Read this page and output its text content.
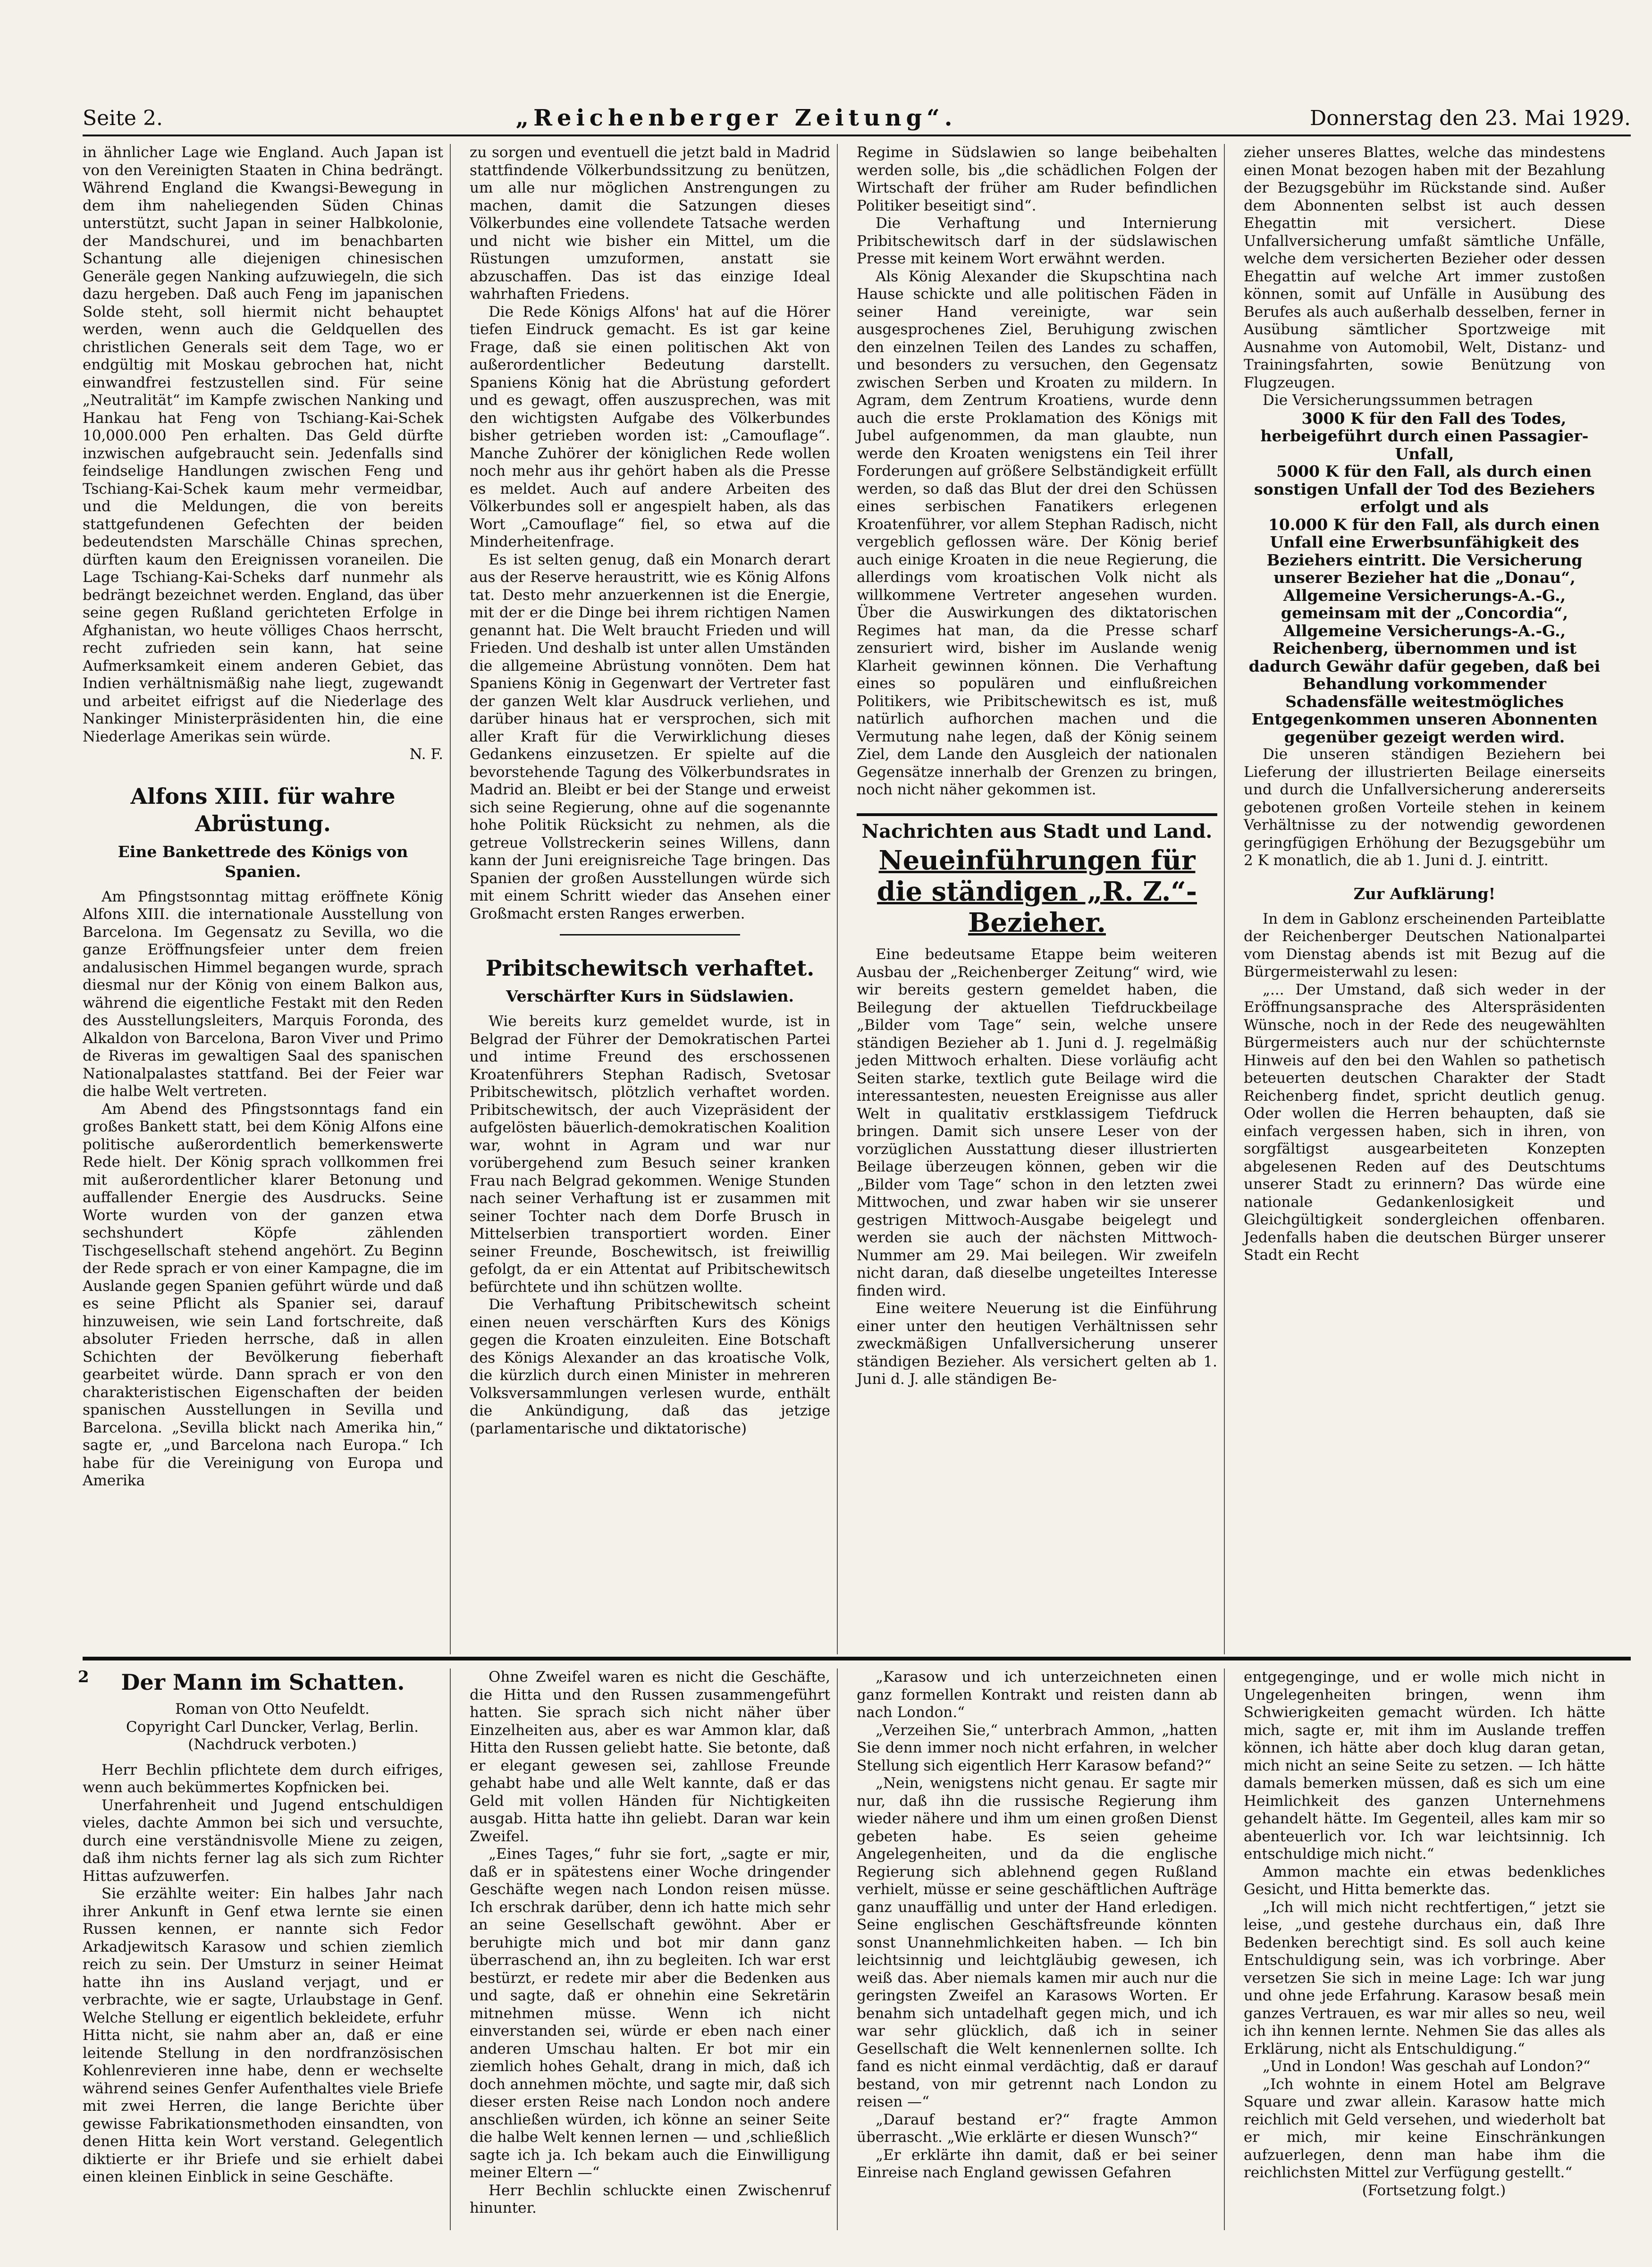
Seite 2.	„Reichenberger Zeitung“.	Donnerstag den 23. Mai 1929.

in ähnlicher Lage wie England. Auch Japan ist von den Vereinigten Staaten in China bedrängt. Während England die Kwangsi-Bewegung in dem ihm naheliegenden Süden Chinas unterstützt, sucht Japan in seiner Halbkolonie, der Mandschurei, und im benachbarten Schantung alle diejenigen chinesischen Generäle gegen Nanking aufzuwiegeln, die sich dazu hergeben. Daß auch Feng im japanischen Solde steht, soll hiermit nicht behauptet werden, wenn auch die Geldquellen des christlichen Generals seit dem Tage, wo er endgültig mit Moskau gebrochen hat, nicht einwandfrei festzustellen sind. Für seine „Neutralität“ im Kampfe zwischen Nanking und Hankau hat Feng von Tschiang-Kai-Schek 10,000.000 Pen erhalten. Das Geld dürfte inzwischen aufgebraucht sein. Jedenfalls sind feindselige Handlungen zwischen Feng und Tschiang-Kai-Schek kaum mehr vermeidbar, und die Meldungen, die von bereits stattgefundenen Gefechten der beiden bedeutendsten Marschälle Chinas sprechen, dürften kaum den Ereignissen voraneilen. Die Lage Tschiang-Kai-Scheks darf nunmehr als bedrängt bezeichnet werden. England, das über seine gegen Rußland gerichteten Erfolge in Afghanistan, wo heute völliges Chaos herrscht, recht zufrieden sein kann, hat seine Aufmerksamkeit einem anderen Gebiet, das Indien verhältnismäßig nahe liegt, zugewandt und arbeitet eifrigst auf die Niederlage des Nankinger Ministerpräsidenten hin, die eine Niederlage Amerikas sein würde.

N. F.

Alfons XIII. für wahre Abrüstung.
Eine Bankettrede des Königs von Spanien.

Am Pfingstsonntag mittag eröffnete König Alfons XIII. die internationale Ausstellung von Barcelona. Im Gegensatz zu Sevilla, wo die ganze Eröffnungsfeier unter dem freien andalusischen Himmel begangen wurde, sprach diesmal nur der König von einem Balkon aus, während die eigentliche Festakt mit den Reden des Ausstellungsleiters, Marquis Foronda, des Alkaldon von Barcelona, Baron Viver und Primo de Riveras im gewaltigen Saal des spanischen Nationalpalastes stattfand. Bei der Feier war die halbe Welt vertreten.

Am Abend des Pfingstsonntags fand ein großes Bankett statt, bei dem König Alfons eine politische außerordentlich bemerkenswerte Rede hielt. Der König sprach vollkommen frei mit außerordentlicher klarer Betonung und auffallender Energie des Ausdrucks. Seine Worte wurden von der ganzen etwa sechshundert Köpfe zählenden Tischgesellschaft stehend angehört. Zu Beginn der Rede sprach er von einer Kampagne, die im Auslande gegen Spanien geführt würde und daß es seine Pflicht als Spanier sei, darauf hinzuweisen, wie sein Land fortschreite, daß absoluter Frieden herrsche, daß in allen Schichten der Bevölkerung fieberhaft gearbeitet würde. Dann sprach er von den charakteristischen Eigenschaften der beiden spanischen Ausstellungen in Sevilla und Barcelona. „Sevilla blickt nach Amerika hin,“ sagte er, „und Barcelona nach Europa.“ Ich habe für die Vereinigung von Europa und Amerika

zu sorgen und eventuell die jetzt bald in Madrid stattfindende Völkerbundssitzung zu benützen, um alle nur möglichen Anstrengungen zu machen, damit die Satzungen dieses Völkerbundes eine vollendete Tatsache werden und nicht wie bisher ein Mittel, um die Rüstungen umzuformen, anstatt sie abzuschaffen. Das ist das einzige Ideal wahrhaften Friedens.

Die Rede Königs Alfons' hat auf die Hörer tiefen Eindruck gemacht. Es ist gar keine Frage, daß sie einen politischen Akt von außerordentlicher Bedeutung darstellt. Spaniens König hat die Abrüstung gefordert und es gewagt, offen auszusprechen, was mit den wichtigsten Aufgabe des Völkerbundes bisher getrieben worden ist: „Camouflage“. Manche Zuhörer der königlichen Rede wollen noch mehr aus ihr gehört haben als die Presse es meldet. Auch auf andere Arbeiten des Völkerbundes soll er angespielt haben, als das Wort „Camouflage“ fiel, so etwa auf die Minderheitenfrage.

Es ist selten genug, daß ein Monarch derart aus der Reserve heraustritt, wie es König Alfons tat. Desto mehr anzuerkennen ist die Energie, mit der er die Dinge bei ihrem richtigen Namen genannt hat. Die Welt braucht Frieden und will Frieden. Und deshalb ist unter allen Umständen die allgemeine Abrüstung vonnöten. Dem hat Spaniens König in Gegenwart der Vertreter fast der ganzen Welt klar Ausdruck verliehen, und darüber hinaus hat er versprochen, sich mit aller Kraft für die Verwirklichung dieses Gedankens einzusetzen. Er spielte auf die bevorstehende Tagung des Völkerbundsrates in Madrid an. Bleibt er bei der Stange und erweist sich seine Regierung, ohne auf die sogenannte hohe Politik Rücksicht zu nehmen, als die getreue Vollstreckerin seines Willens, dann kann der Juni ereignisreiche Tage bringen. Das Spanien der großen Ausstellungen würde sich mit einem Schritt wieder das Ansehen einer Großmacht ersten Ranges erwerben.

Pribitschewitsch verhaftet.
Verschärfter Kurs in Südslawien.

Wie bereits kurz gemeldet wurde, ist in Belgrad der Führer der Demokratischen Partei und intime Freund des erschossenen Kroatenführers Stephan Radisch, Svetosar Pribitschewitsch, plötzlich verhaftet worden. Pribitschewitsch, der auch Vizepräsident der aufgelösten bäuerlich-demokratischen Koalition war, wohnt in Agram und war nur vorübergehend zum Besuch seiner kranken Frau nach Belgrad gekommen. Wenige Stunden nach seiner Verhaftung ist er zusammen mit seiner Tochter nach dem Dorfe Brusch in Mittelserbien transportiert worden. Einer seiner Freunde, Boschewitsch, ist freiwillig gefolgt, da er ein Attentat auf Pribitschewitsch befürchtete und ihn schützen wollte.

Die Verhaftung Pribitschewitsch scheint einen neuen verschärften Kurs des Königs gegen die Kroaten einzuleiten. Eine Botschaft des Königs Alexander an das kroatische Volk, die kürzlich durch einen Minister in mehreren Volksversammlungen verlesen wurde, enthält die Ankündigung, daß das jetzige (parlamentarische und diktatorische)

Regime in Südslawien so lange beibehalten werden solle, bis „die schädlichen Folgen der Wirtschaft der früher am Ruder befindlichen Politiker beseitigt sind“.

Die Verhaftung und Internierung Pribitschewitsch darf in der südslawischen Presse mit keinem Wort erwähnt werden.

Als König Alexander die Skupschtina nach Hause schickte und alle politischen Fäden in seiner Hand vereinigte, war sein ausgesprochenes Ziel, Beruhigung zwischen den einzelnen Teilen des Landes zu schaffen, und besonders zu versuchen, den Gegensatz zwischen Serben und Kroaten zu mildern. In Agram, dem Zentrum Kroatiens, wurde denn auch die erste Proklamation des Königs mit Jubel aufgenommen, da man glaubte, nun werde den Kroaten wenigstens ein Teil ihrer Forderungen auf größere Selbständigkeit erfüllt werden, so daß das Blut der drei den Schüssen eines serbischen Fanatikers erlegenen Kroatenführer, vor allem Stephan Radisch, nicht vergeblich geflossen wäre. Der König berief auch einige Kroaten in die neue Regierung, die allerdings vom kroatischen Volk nicht als willkommene Vertreter angesehen wurden. Über die Auswirkungen des diktatorischen Regimes hat man, da die Presse scharf zensuriert wird, bisher im Auslande wenig Klarheit gewinnen können. Die Verhaftung eines so populären und einflußreichen Politikers, wie Pribitschewitsch es ist, muß natürlich aufhorchen machen und die Vermutung nahe legen, daß der König seinem Ziel, dem Lande den Ausgleich der nationalen Gegensätze innerhalb der Grenzen zu bringen, noch nicht näher gekommen ist.

Nachrichten aus Stadt und Land.
Neueinführungen für die ständigen „R. Z.“-Bezieher.

Eine bedeutsame Etappe beim weiteren Ausbau der „Reichenberger Zeitung“ wird, wie wir bereits gestern gemeldet haben, die Beilegung der aktuellen Tiefdruckbeilage „Bilder vom Tage“ sein, welche unsere ständigen Bezieher ab 1. Juni d. J. regelmäßig jeden Mittwoch erhalten. Diese vorläufig acht Seiten starke, textlich gute Beilage wird die interessantesten, neuesten Ereignisse aus aller Welt in qualitativ erstklassigem Tiefdruck bringen. Damit sich unsere Leser von der vorzüglichen Ausstattung dieser illustrierten Beilage überzeugen können, geben wir die „Bilder vom Tage“ schon in den letzten zwei Mittwochen, und zwar haben wir sie unserer gestrigen Mittwoch-Ausgabe beigelegt und werden sie auch der nächsten Mittwoch-Nummer am 29. Mai beilegen. Wir zweifeln nicht daran, daß dieselbe ungeteiltes Interesse finden wird.

Eine weitere Neuerung ist die Einführung einer unter den heutigen Verhältnissen sehr zweckmäßigen Unfallversicherung unserer ständigen Bezieher. Als versichert gelten ab 1. Juni d. J. alle ständigen Be-

zieher unseres Blattes, welche das mindestens einen Monat bezogen haben mit der Bezahlung der Bezugsgebühr im Rückstande sind. Außer dem Abonnenten selbst ist auch dessen Ehegattin mit versichert. Diese Unfallversicherung umfaßt sämtliche Unfälle, welche dem versicherten Bezieher oder dessen Ehegattin auf welche Art immer zustoßen können, somit auf Unfälle in Ausübung des Berufes als auch außerhalb desselben, ferner in Ausübung sämtlicher Sportzweige mit Ausnahme von Automobil, Welt, Distanz- und Trainingsfahrten, sowie Benützung von Flugzeugen.

Die Versicherungssummen betragen

3000 K für den Fall des Todes, herbeigeführt durch einen Passagier-Unfall,

5000 K für den Fall, als durch einen sonstigen Unfall der Tod des Beziehers erfolgt und als

10.000 K für den Fall, als durch einen Unfall eine Erwerbsunfähigkeit des Beziehers eintritt. Die Versicherung unserer Bezieher hat die „Donau“, Allgemeine Versicherungs-A.-G., gemeinsam mit der „Concordia“, Allgemeine Versicherungs-A.-G., Reichenberg, übernommen und ist dadurch Gewähr dafür gegeben, daß bei Behandlung vorkommender Schadensfälle weitestmögliches Entgegenkommen unseren Abonnenten gegenüber gezeigt werden wird.

Die unseren ständigen Beziehern bei Lieferung der illustrierten Beilage einerseits und durch die Unfallversicherung andererseits gebotenen großen Vorteile stehen in keinem Verhältnisse zu der notwendig gewordenen geringfügigen Erhöhung der Bezugsgebühr um 2 K monatlich, die ab 1. Juni d. J. eintritt.

Zur Aufklärung!

In dem in Gablonz erscheinenden Parteiblatte der Reichenberger Deutschen Nationalpartei vom Dienstag abends ist mit Bezug auf die Bürgermeisterwahl zu lesen:

„... Der Umstand, daß sich weder in der Eröffnungsansprache des Alterspräsidenten Wünsche, noch in der Rede des neugewählten Bürgermeisters auch nur der schüchternste Hinweis auf den bei den Wahlen so pathetisch beteuerten deutschen Charakter der Stadt Reichenberg findet, spricht deutlich genug. Oder wollen die Herren behaupten, daß sie einfach vergessen haben, sich in ihren, von sorgfältigst ausgearbeiteten Konzepten abgelesenen Reden auf des Deutschtums unserer Stadt zu erinnern? Das würde eine nationale Gedankenlosigkeit und Gleichgültigkeit sondergleichen offenbaren. Jedenfalls haben die deutschen Bürger unserer Stadt ein Recht

2	Der Mann im Schatten.

Roman von Otto Neufeldt.

Copyright Carl Duncker, Verlag, Berlin.

(Nachdruck verboten.)

Herr Bechlin pflichtete dem durch eifriges, wenn auch bekümmertes Kopfnicken bei.

Unerfahrenheit und Jugend entschuldigen vieles, dachte Ammon bei sich und versuchte, durch eine verständnisvolle Miene zu zeigen, daß ihm nichts ferner lag als sich zum Richter Hittas aufzuwerfen.

Sie erzählte weiter: Ein halbes Jahr nach ihrer Ankunft in Genf etwa lernte sie einen Russen kennen, er nannte sich Fedor Arkadjewitsch Karasow und schien ziemlich reich zu sein. Der Umsturz in seiner Heimat hatte ihn ins Ausland verjagt, und er verbrachte, wie er sagte, Urlaubstage in Genf. Welche Stellung er eigentlich bekleidete, erfuhr Hitta nicht, sie nahm aber an, daß er eine leitende Stellung in den nordfranzösischen Kohlenrevieren inne habe, denn er wechselte während seines Genfer Aufenthaltes viele Briefe mit zwei Herren, die lange Berichte über gewisse Fabrikationsmethoden einsandten, von denen Hitta kein Wort verstand. Gelegentlich diktierte er ihr Briefe und sie erhielt dabei einen kleinen Einblick in seine Geschäfte.

Ohne Zweifel waren es nicht die Geschäfte, die Hitta und den Russen zusammengeführt hatten. Sie sprach sich nicht näher über Einzelheiten aus, aber es war Ammon klar, daß Hitta den Russen geliebt hatte. Sie betonte, daß er elegant gewesen sei, zahllose Freunde gehabt habe und alle Welt kannte, daß er das Geld mit vollen Händen für Nichtigkeiten ausgab. Hitta hatte ihn geliebt. Daran war kein Zweifel.

„Eines Tages,“ fuhr sie fort, „sagte er mir, daß er in spätestens einer Woche dringender Geschäfte wegen nach London reisen müsse. Ich erschrak darüber, denn ich hatte mich sehr an seine Gesellschaft gewöhnt. Aber er beruhigte mich und bot mir dann ganz überraschend an, ihn zu begleiten. Ich war erst bestürzt, er redete mir aber die Bedenken aus und sagte, daß er ohnehin eine Sekretärin mitnehmen müsse. Wenn ich nicht einverstanden sei, würde er eben nach einer anderen Umschau halten. Er bot mir ein ziemlich hohes Gehalt, drang in mich, daß ich doch annehmen möchte, und sagte mir, daß sich dieser ersten Reise nach London noch andere anschließen würden, ich könne an seiner Seite die halbe Welt kennen lernen — und ‚schließlich sagte ich ja. Ich bekam auch die Einwilligung meiner Eltern —“

Herr Bechlin schluckte einen Zwischenruf hinunter.

„Karasow und ich unterzeichneten einen ganz formellen Kontrakt und reisten dann ab nach London.“

„Verzeihen Sie,“ unterbrach Ammon, „hatten Sie denn immer noch nicht erfahren, in welcher Stellung sich eigentlich Herr Karasow befand?“

„Nein, wenigstens nicht genau. Er sagte mir nur, daß ihn die russische Regierung ihm wieder nähere und ihm um einen großen Dienst gebeten habe. Es seien geheime Angelegenheiten, und da die englische Regierung sich ablehnend gegen Rußland verhielt, müsse er seine geschäftlichen Aufträge ganz unauffällig und unter der Hand erledigen. Seine englischen Geschäftsfreunde könnten sonst Unannehmlichkeiten haben. — Ich bin leichtsinnig und leichtgläubig gewesen, ich weiß das. Aber niemals kamen mir auch nur die geringsten Zweifel an Karasows Worten. Er benahm sich untadelhaft gegen mich, und ich war sehr glücklich, daß ich in seiner Gesellschaft die Welt kennenlernen sollte. Ich fand es nicht einmal verdächtig, daß er darauf bestand, von mir getrennt nach London zu reisen —“

„Darauf bestand er?“ fragte Ammon überrascht. „Wie erklärte er diesen Wunsch?“

„Er erklärte ihn damit, daß er bei seiner Einreise nach England gewissen Gefahren

entgegenginge, und er wolle mich nicht in Ungelegenheiten bringen, wenn ihm Schwierigkeiten gemacht würden. Ich hätte mich, sagte er, mit ihm im Auslande treffen können, ich hätte aber doch klug daran getan, mich nicht an seine Seite zu setzen. — Ich hätte damals bemerken müssen, daß es sich um eine Heimlichkeit des ganzen Unternehmens gehandelt hätte. Im Gegenteil, alles kam mir so abenteuerlich vor. Ich war leichtsinnig. Ich entschuldige mich nicht.“

Ammon machte ein etwas bedenkliches Gesicht, und Hitta bemerkte das.

„Ich will mich nicht rechtfertigen,“ jetzt sie leise, „und gestehe durchaus ein, daß Ihre Bedenken berechtigt sind. Es soll auch keine Entschuldigung sein, was ich vorbringe. Aber versetzen Sie sich in meine Lage: Ich war jung und ohne jede Erfahrung. Karasow besaß mein ganzes Vertrauen, es war mir alles so neu, weil ich ihn kennen lernte. Nehmen Sie das alles als Erklärung, nicht als Entschuldigung.“

„Und in London! Was geschah auf London?“

„Ich wohnte in einem Hotel am Belgrave Square und zwar allein. Karasow hatte mich reichlich mit Geld versehen, und wiederholt bat er mich, mir keine Einschränkungen aufzuerlegen, denn man habe ihm die reichlichsten Mittel zur Verfügung gestellt.“

(Fortsetzung folgt.)
